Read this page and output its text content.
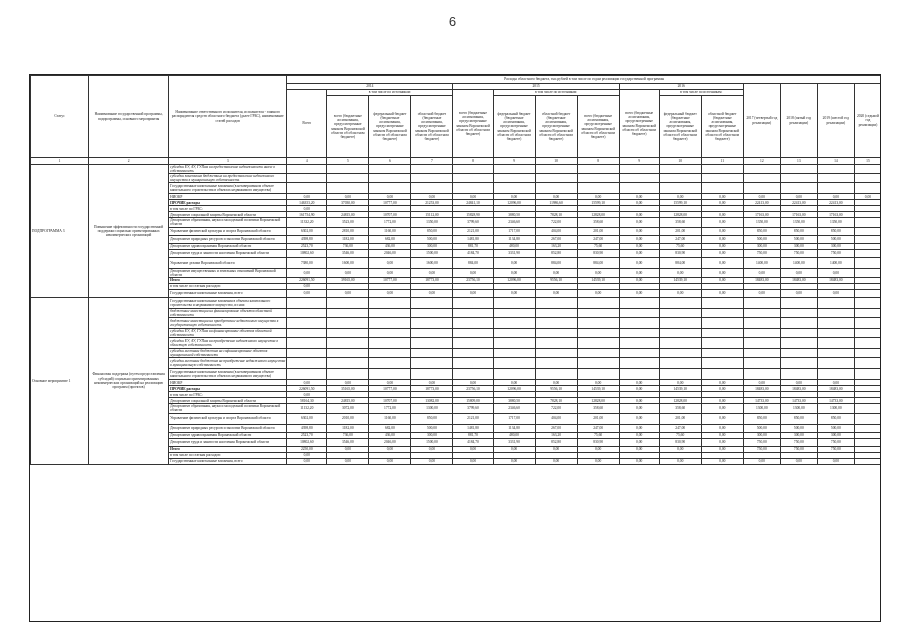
6
Статус	Наименование государственной программы, подпрограммы, основного мероприятия	Наименование ответственного исполнителя, исполнителя - главного распорядителя средств областного бюджета (далее ГРБС), наименование статей расходов	Расходы областного бюджета, тыс.рублей в том числе по годам реализации государственной программы														
			2014				2015				2016			2017 (четвертый год реализации)	2018 (пятый год реализации)	2019 (шестой год реализации)	2020 (седьмой год реализации)
			Всего	в том числе по источникам:			всего (бюджетные ассигнования, предусмотренные законом Воронежской области об областном бюджете)	в том числе по источникам:			всего (бюджетные ассигнования, предусмотренные законом Воронежской области об областном бюджете)	в том числе по источникам:					
				всего (бюджетные ассигнования, предусмотренные законом Воронежской области об областном бюджете)	федеральный бюджет (бюджетные ассигнования, предусмотренные законом Воронежской области об областном бюджете)	областной бюджет (бюджетные ассигнования, предусмотренные законом Воронежской области об областном бюджете)		федеральный бюджет (бюджетные ассигнования, предусмотренные законом Воронежской области об областном бюджете)	областной бюджет (бюджетные ассигнования, предусмотренные законом Воронежской области об областном бюджете)	всего (бюджетные ассигнования, предусмотренные законом Воронежской области об областном бюджете)		федеральный бюджет (бюджетные ассигнования, предусмотренные законом Воронежской области об областном бюджете)	областной бюджет (бюджетные ассигнования, предусмотренные законом Воронежской области об областном бюджете)				
1	2	3	4	5	6	7	8	9	10	8	9	10	11	12	13	14	15
ПОДПРОГРАММА 3	Повышение эффективности государственной поддержки социально ориентированных некоммерческих организаций	субсидии ЕУ, АУ, ГУПам на предоставление недвижимости иначе в собственность															
		субсидии заказчикам бюджетных на предоставление недвижимого имущества в муниципальную собственность															
		Государственные капитальные вложения (в незавершенном объекте капитального строительства в объектах недвижимого имущества)															
		НИОКР	0,00	0,00	0,00	0,00	0,00	0,00	0,00	0,00	0,00	0,00	0,00	0,00	0,00	0,00	0,00
		ПРОЧИЕ расходы	146353,20	37030,00	10777,00	21253,00	24841,10	12096,00	11986,60	15599,10	0,00	15599,10	0,00	22413,00	22413,00	22413,00	
		в том числе по ГРБС:	0,00														
		Департамент социальной защиты Воронежской области	161754,90	24815,00	10707,00	15112,00	15828,90	3880,50	7828,10	12828,00	0,00	12828,00	0,00	17163,00	17163,00	17163,00	
		Департамент образования, науки и молодежной политики Воронежской области	11332,20	3523,00	1772,00	1350,00	3799,60	2346,60	722,00	358,60	0,00	358,60	0,00	1350,00	1350,00	1350,00	
		Управление физической культуры и спорта Воронежской области	6302,00	2810,00	1160,00	850,00	2121,00	1717,00	404,00	201,00	0,00	201,00	0,00	850,00	850,00	850,00	
		Департамент природных ресурсов и экологии Воронежской области	4398,80	1182,00	682,00	500,00	1481,80	1134,80	267,00	247,00	0,00	247,00	0,00	500,00	500,00	500,00	
		Департамент здравоохранения Воронежской области	2523,70	736,00	436,00	300,00	881,70	480,00	163,20	75,60	0,00	75,60	0,00	300,00	300,00	300,00	
		Департамент труда и занятости населения Воронежской области	10802,60	3546,00	2046,00	1500,00	4184,70	3331,90	852,80	830,90	0,00	830,90	0,00	750,00	750,00	750,00	
		Управление делами Воронежской области	7380,00	1600,00	0,00	1600,00	884,00	0,00	884,00	884,00	0,00	884,00	0,00	1400,00	1400,00	1400,00	
		Департамент имущественных и земельных отношений Воронежской области	0,00	0,00	0,00	0,00	0,00	0,00	0,00	0,00	0,00	0,00	0,00	0,00	0,00	0,00	
		Итого	226091,50	39165,00	10777,00	18773,00	23756,10	12096,00	9556,10	14539,10	0,00	14539,10	0,00	18483,00	18483,00	18483,00	
		в том числе по статьям расходов:	0,00														
		Государственные капитальные вложения, всего	0,00	0,00	0,00	0,00	0,00	0,00	0,00	0,00	0,00	0,00	0,00	0,00	0,00	0,00	
Основное мероприятие 1	Финансовая поддержка (путем предоставления субсидий) социально ориентированных некоммерческих организаций на реализацию программ (проектов)	Государственные капитальные вложения в объекты капитального строительства и недвижимое имущество, из них:															
		бюджетные инвестиции на финансирование объектов областной собственности															
		бюджетные инвестиции на приобретение недвижимого имущества в государственную собственность															
		субсидии ЕУ, АУ, ГУПам на финансирование объектов областной собственности															
		субсидии ЕУ, АУ, ГУПам на приобретение недвижимого имущества в областную собственность															
		субсидии местным бюджетам на софинансирование объектов муниципальной собственности															
		субсидии местным бюджетам на приобретение недвижимого имущества в муниципальную собственность															
		Государственные капитальные вложения (в незавершенном объекте капитального строительства в объектах недвижимого имущества)															
		НИОКР	0,00	0,00	0,00	0,00	0,00	0,00	0,00	0,00	0,00	0,00	0,00	0,00	0,00	0,00	
		ПРОЧИЕ расходы	226091,50	35165,00	10777,00	18773,00	23756,10	12096,00	9556,10	14539,10	0,00	14539,10	0,00	18483,00	18483,00	18483,00	
		в том числе по ГРБС:	0,00														
		Департамент социальной защиты Воронежской области	58164,30	24815,00	10707,00	13082,00	15809,00	3880,50	7828,10	12828,00	0,00	12828,00	0,00	14733,00	14733,00	14733,00	
		Департамент образования, науки и молодежной политики Воронежской области	11132,20	3072,00	1772,00	1300,00	3799,60	2346,60	722,00	358,60	0,00	358,60	0,00	1300,00	1300,00	1300,00	
		Управление физической культуры и спорта Воронежской области	6302,00	2010,00	1160,00	850,00	2121,00	1717,00	404,00	201,00	0,00	201,00	0,00	850,00	850,00	850,00	
		Департамент природных ресурсов и экологии Воронежской области	4398,80	1182,00	682,00	500,00	1481,80	1134,80	267,00	247,00	0,00	247,00	0,00	500,00	500,00	500,00	
		Департамент здравоохранения Воронежской области	2523,70	736,00	436,00	300,00	881,70	480,00	163,20	75,60	0,00	75,60	0,00	300,00	300,00	300,00	
		Департамент труда и занятости населения Воронежской области	10802,60	3546,00	2046,00	1500,00	4184,70	3331,90	852,80	830,90	0,00	830,90	0,00	750,00	750,00	750,00	
		Итого	2250,00	0,00	0,00	0,00	0,00	0,00	0,00	0,00	0,00	0,00	0,00	750,00	750,00	750,00	
		в том числе по статьям расходов:	0,00														
		Государственные капитальные вложения, всего	0,00	0,00	0,00	0,00	0,00	0,00	0,00	0,00	0,00	0,00	0,00	0,00	0,00	0,00	
